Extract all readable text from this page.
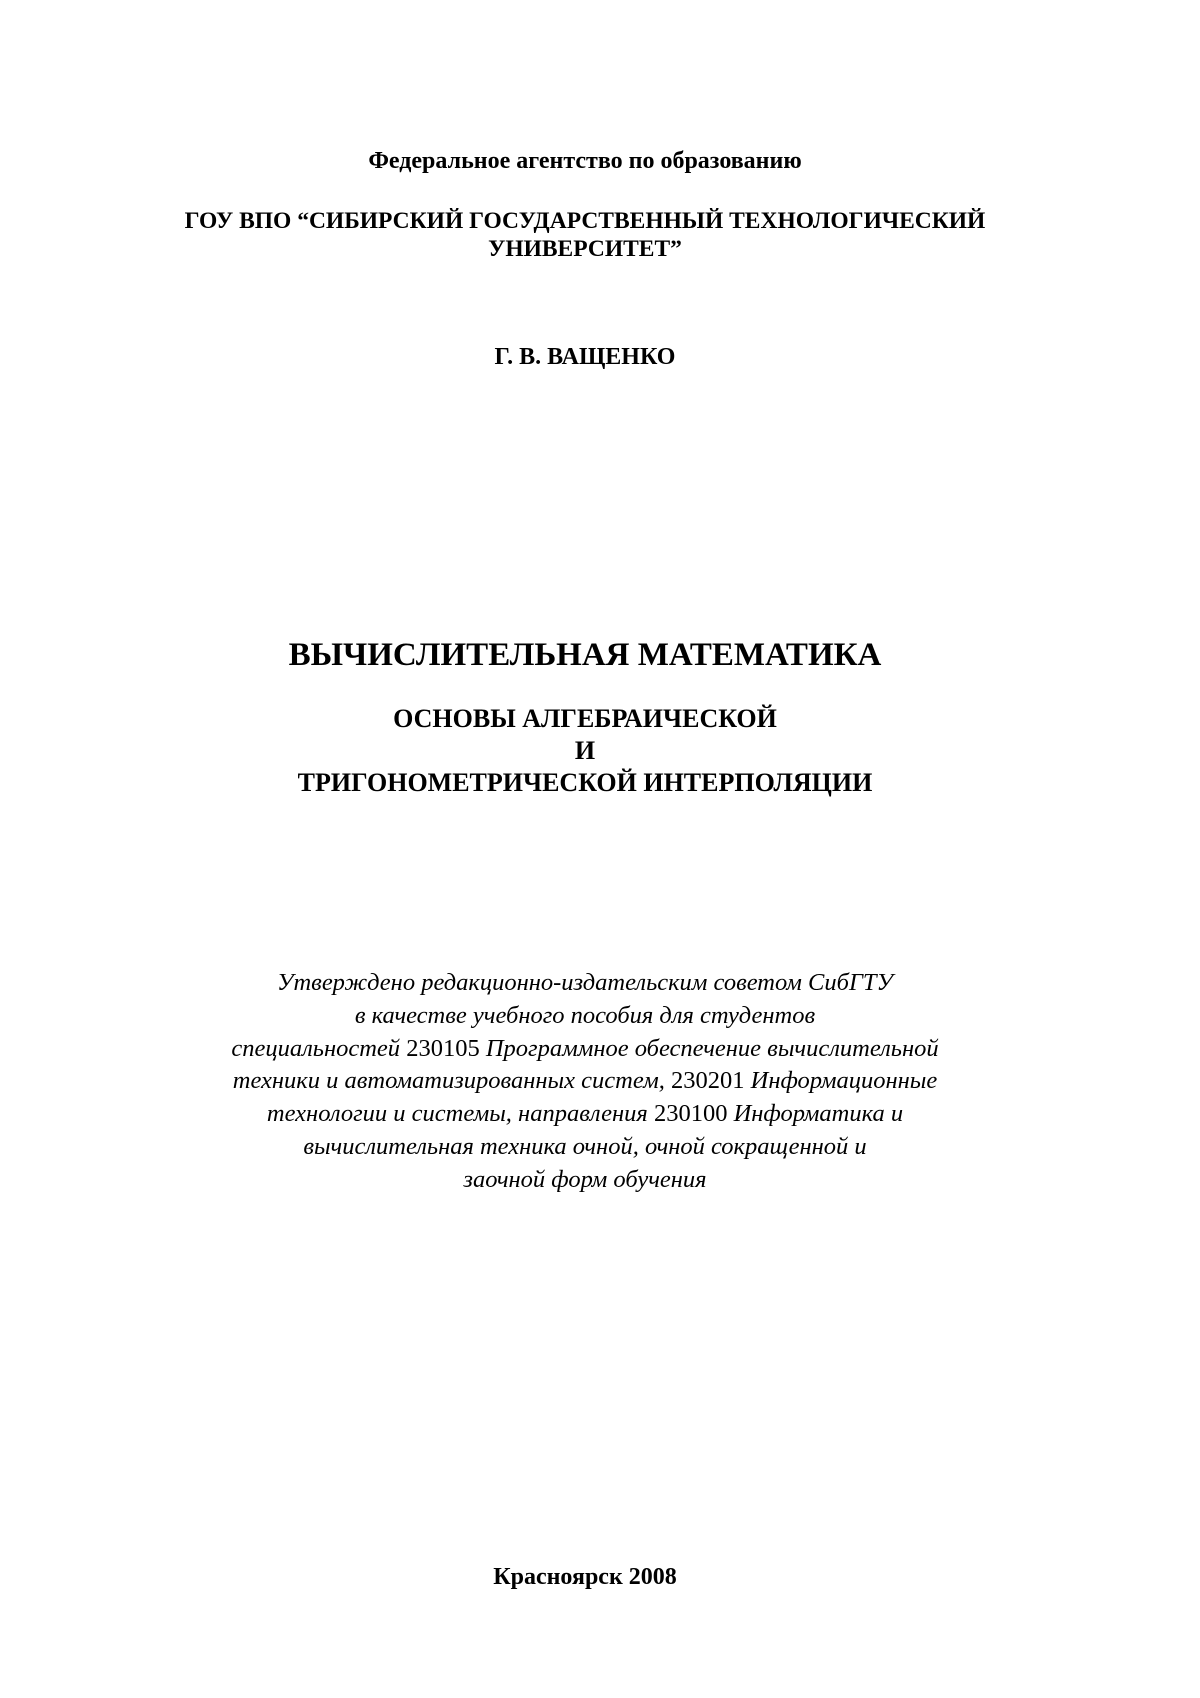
Федеральное агентство по образованию
ГОУ ВПО “СИБИРСКИЙ ГОСУДАРСТВЕННЫЙ ТЕХНОЛОГИЧЕСКИЙ
УНИВЕРСИТЕТ”
Г. В. ВАЩЕНКО
ВЫЧИСЛИТЕЛЬНАЯ МАТЕМАТИКА
ОСНОВЫ АЛГЕБРАИЧЕСКОЙ
И
ТРИГОНОМЕТРИЧЕСКОЙ ИНТЕРПОЛЯЦИИ
Утверждено редакционно-издательским советом СибГТУ
в качестве учебного пособия для студентов
специальностей 230105 Программное обеспечение вычислительной
техники и автоматизированных систем, 230201 Информационные
технологии и системы, направления 230100 Информатика и
вычислительная техника очной, очной сокращенной и
заочной форм обучения
Красноярск 2008
